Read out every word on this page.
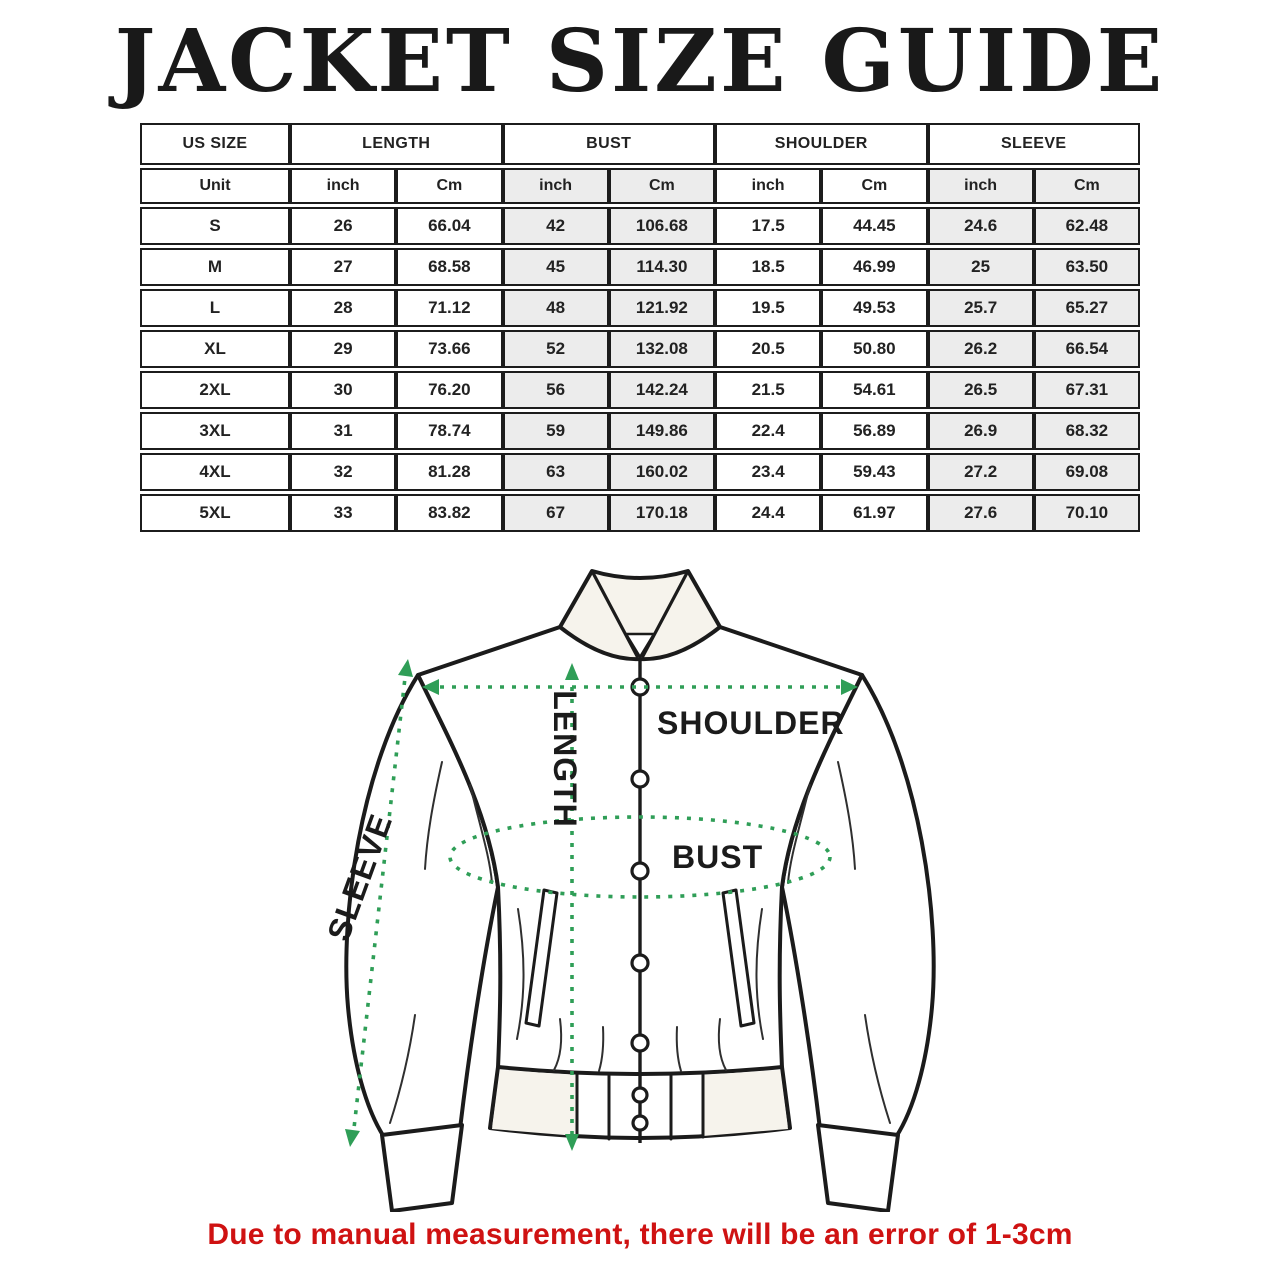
JACKET SIZE GUIDE
US SIZE	LENGTH		BUST		SHOULDER		SLEEVE	
Unit	inch	Cm	inch	Cm	inch	Cm	inch	Cm
S	26	66.04	42	106.68	17.5	44.45	24.6	62.48
M	27	68.58	45	114.30	18.5	46.99	25	63.50
L	28	71.12	48	121.92	19.5	49.53	25.7	65.27
XL	29	73.66	52	132.08	20.5	50.80	26.2	66.54
2XL	30	76.20	56	142.24	21.5	54.61	26.5	67.31
3XL	31	78.74	59	149.86	22.4	56.89	26.9	68.32
4XL	32	81.28	63	160.02	23.4	59.43	27.2	69.08
5XL	33	83.82	67	170.18	24.4	61.97	27.6	70.10
SHOULDER
BUST
LENGTH
SLEEVE
Due to manual measurement, there will be an error of 1-3cm
